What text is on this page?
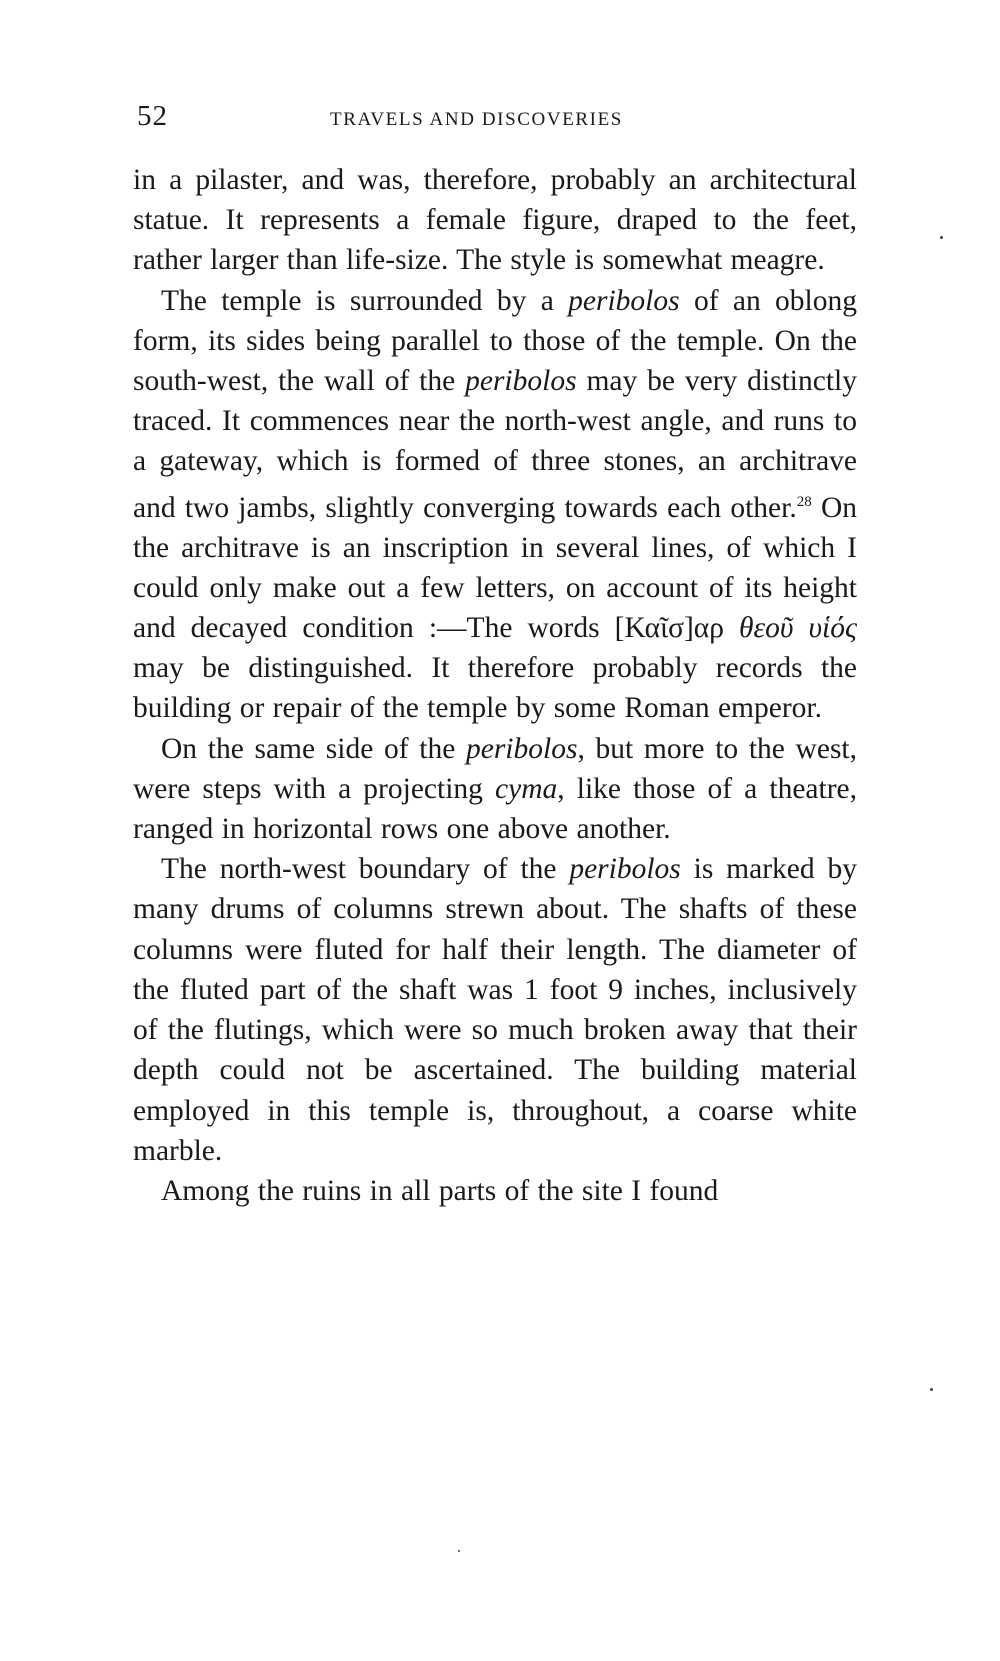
52	TRAVELS AND DISCOVERIES

in a pilaster, and was, therefore, probably an architectural statue. It represents a female figure, draped to the feet, rather larger than life-size. The style is somewhat meagre.

The temple is surrounded by a peribolos of an oblong form, its sides being parallel to those of the temple. On the south-west, the wall of the peribolos may be very distinctly traced. It commences near the north-west angle, and runs to a gateway, which is formed of three stones, an architrave and two jambs, slightly converging towards each other.$^{28}$ On the architrave is an inscription in several lines, of which I could only make out a few letters, on account of its height and decayed condition :—The words [Καῖσ]αρ θεοῦ υἱός may be distinguished. It therefore probably records the building or repair of the temple by some Roman emperor.

On the same side of the peribolos, but more to the west, were steps with a projecting cyma, like those of a theatre, ranged in horizontal rows one above another.

The north-west boundary of the peribolos is marked by many drums of columns strewn about. The shafts of these columns were fluted for half their length. The diameter of the fluted part of the shaft was 1 foot 9 inches, inclusively of the flutings, which were so much broken away that their depth could not be ascertained. The building material employed in this temple is, throughout, a coarse white marble.

Among the ruins in all parts of the site I found
